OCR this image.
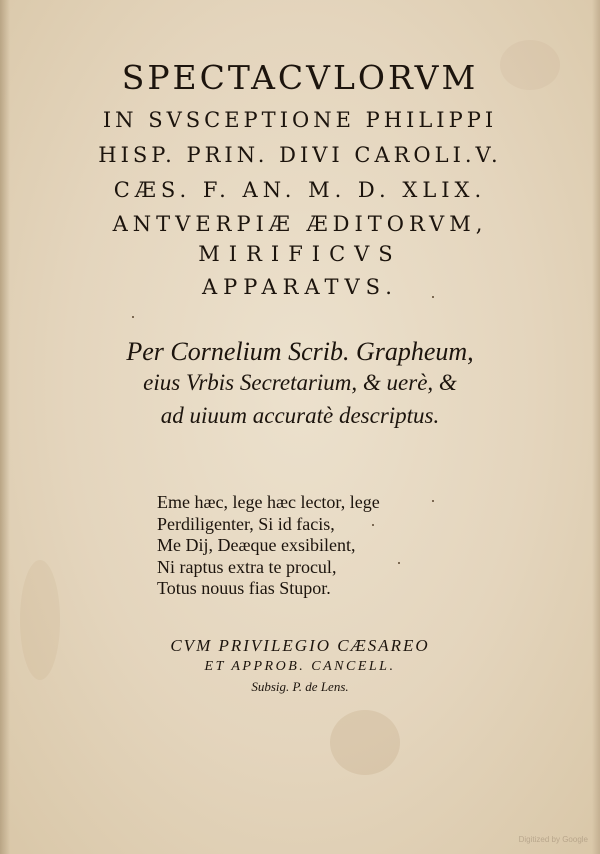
SPECTACVLORVM
IN SVSCEPTIONE PHILIPPI
HISP. PRIN. DIVI CAROLI.V.
CÆS. F. AN. M. D. XLIX.
ANTVERPIÆ ÆDITORVM,
MIRIFICVS
APPARATVS.
Per Cornelium Scrib. Grapheum,
eius Vrbis Secretarium, & uerè, &
ad uiuum accuratè descriptus.
Eme hæc, lege hæc lector, lege
Perdiligenter, Si id facis,
Me Dij, Deæque exsibilent,
Ni raptus extra te procul,
Totus nouus fias Stupor.
CVM PRIVILEGIO CÆSAREO
ET APPROB. CANCELL.
Subsig. P. de Lens.
Digitized by Google
